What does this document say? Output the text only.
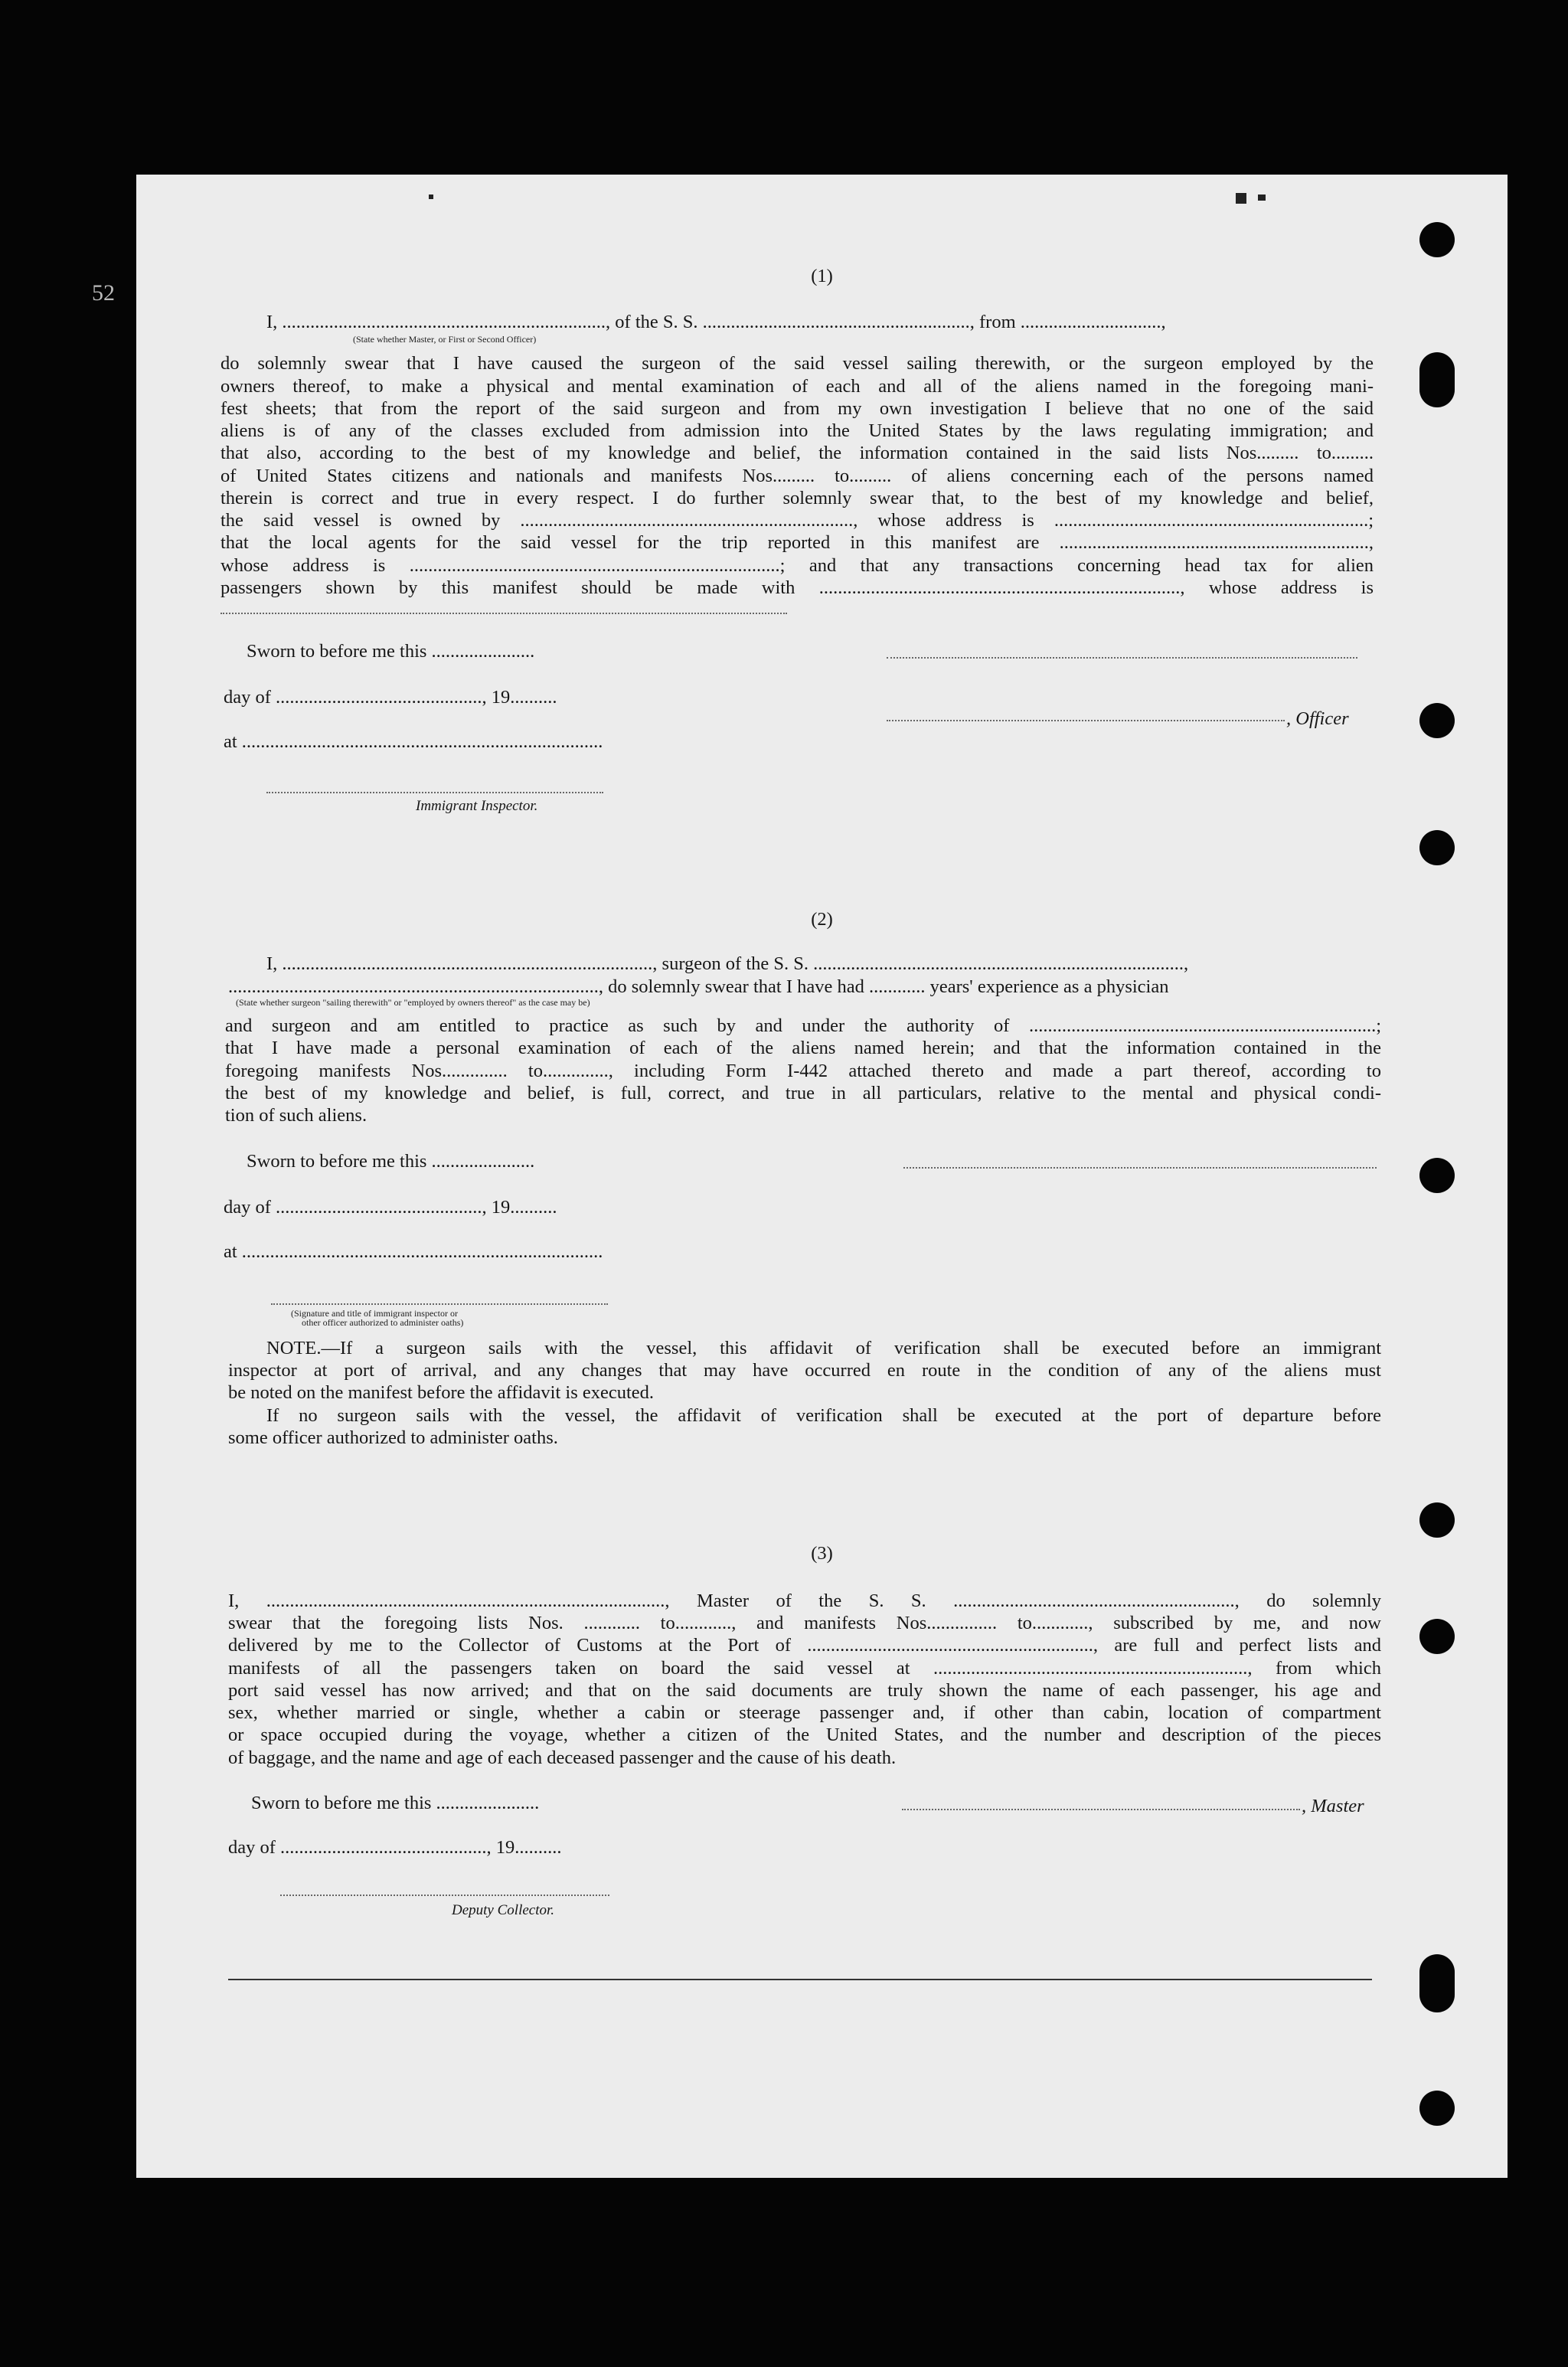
(1)
52
I, ....................................................................., of the S. S. ........................................................., from ..............................,
(State whether Master, or First or Second Officer)
do solemnly swear that I have caused the surgeon of the said vessel sailing therewith, or the surgeon employed by the
owners thereof, to make a physical and mental examination of each and all of the aliens named in the foregoing mani-
fest sheets; that from the report of the said surgeon and from my own investigation I believe that no one of the said
aliens is of any of the classes excluded from admission into the United States by the laws regulating immigration; and
that also, according to the best of my knowledge and belief, the information contained in the said lists Nos......... to.........
of United States citizens and nationals and manifests Nos......... to......... of aliens concerning each of the persons named
therein is correct and true in every respect. I do further solemnly swear that, to the best of my knowledge and belief,
the said vessel is owned by ......................................................................., whose address is ...................................................................;
that the local agents for the said vessel for the trip reported in this manifest are ..................................................................,
whose address is ...............................................................................; and that any transactions concerning head tax for alien
passengers shown by this manifest should be made with ............................................................................., whose address is
Sworn to before me this ......................
day of ............................................, 19..........
, Officer
at .............................................................................
Immigrant Inspector.
(2)
I, ..............................................................................., surgeon of the S. S. ...............................................................................,
..............................................................................., do solemnly swear that I have had ............ years' experience as a physician
(State whether surgeon "sailing therewith" or "employed by owners thereof" as the case may be)
and surgeon and am entitled to practice as such by and under the authority of ..........................................................................;
that I have made a personal examination of each of the aliens named herein; and that the information contained in the
foregoing manifests Nos.............. to.............., including Form I-442 attached thereto and made a part thereof, according to
the best of my knowledge and belief, is full, correct, and true in all particulars, relative to the mental and physical condi-
tion of such aliens.
Sworn to before me this ......................
day of ............................................, 19..........
at .............................................................................
(Signature and title of immigrant inspector or
other officer authorized to administer oaths)
NOTE.—If a surgeon sails with the vessel, this affidavit of verification shall be executed before an immigrant
inspector at port of arrival, and any changes that may have occurred en route in the condition of any of the aliens must
be noted on the manifest before the affidavit is executed.
If no surgeon sails with the vessel, the affidavit of verification shall be executed at the port of departure before
some officer authorized to administer oaths.
(3)
I, ....................................................................................., Master of the S. S. ............................................................, do solemnly
swear that the foregoing lists Nos. ............ to............, and manifests Nos............... to............, subscribed by me, and now
delivered by me to the Collector of Customs at the Port of ............................................................., are full and perfect lists and
manifests of all the passengers taken on board the said vessel at ..................................................................., from which
port said vessel has now arrived; and that on the said documents are truly shown the name of each passenger, his age and
sex, whether married or single, whether a cabin or steerage passenger and, if other than cabin, location of compartment
or space occupied during the voyage, whether a citizen of the United States, and the number and description of the pieces
of baggage, and the name and age of each deceased passenger and the cause of his death.
Sworn to before me this ......................	, Master
day of ............................................, 19..........
Deputy Collector.
